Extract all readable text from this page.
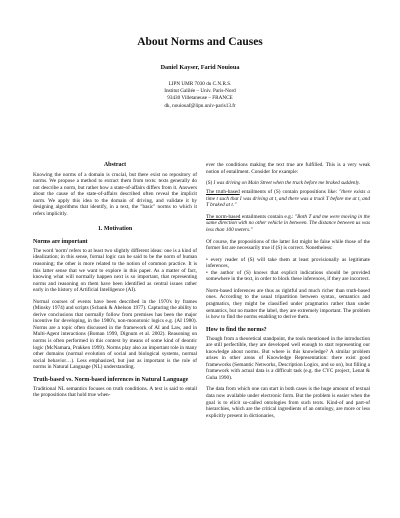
About Norms and Causes
Daniel Kayser, Farid Nouioua
LIPN UMR 7030 du C.N.R.S.
Institut Galilée – Univ. Paris-Nord
93430 Villetaneuse – FRANCE
dk, nouiouaf@lipn.univ-paris13.fr
Abstract

Knowing the norms of a domain is crucial, but there exist no repository of norms. We propose a method to extract them from texts: texts generally do not describe a norm, but rather how a state-of-affairs differs from it. Answers about the cause of the state-of-affairs described often reveal the implicit norm. We apply this idea to the domain of driving, and validate it by designing algorithms that identify, in a text, the "basic" norms to which it refers implicitly.

1. Motivation
Norms are important

The word 'norm' refers to at least two slightly different ideas: one is a kind of idealization; in this sense, formal logic can be said to be the norm of human reasoning; the other is more related to the notion of common practice. It is this latter sense that we want to explore in this paper. As a matter of fact, knowing what will normally happen next is so important, that representing norms and reasoning on them have been identified as central issues rather early in the history of Artificial Intelligence (AI).

Normal courses of events have been described in the 1970's by frames (Minsky 1974) and scripts (Schank & Abelson 1977). Capturing the ability to derive conclusions that normally follow from premises has been the major incentive for developing, in the 1980's, non-monotonic logics e.g. (AI 1980). Norms are a topic often discussed in the framework of AI and Law, and in Multi-Agent interactions (Boman 1999, Dignum et al. 2002). Reasoning on norms is often performed in this context by means of some kind of deontic logic (McNamara, Prakken 1999). Norms play also an important role in many other domains (normal evolution of social and biological systems, normal social behavior…). Less emphasized, but just as important is the role of norms in Natural Language (NL) understanding.

Truth-based vs. Norm-based inferences in Natural Language

Traditional NL semantics focuses on truth conditions. A text is said to entail the propositions that hold true when-

ever the conditions making the text true are fulfilled. This is a very weak notion of entailment. Consider for example:

(S) I was driving on Main Street when the truck before me braked suddenly.

The truth-based entailments of (S) contain propositions like: "there exists a time t such that I was driving at t, and there was a truck T before me at t, and T braked at t."

The norm-based entailments contain e.g.: "Both T and me were moving in the same direction with no other vehicle in between. The distance between us was less than 100 meters."

Of course, the propositions of the latter list might be false while those of the former list are necessarily true if (S) is correct. Nonetheless:

• every reader of (S) will take them at least provisionally as legitimate inferences,

• the author of (S) knows that explicit indications should be provided somewhere in the text, in order to block these inferences, if they are incorrect.

Norm-based inferences are thus as rightful and much richer than truth-based ones. According to the usual tripartition between syntax, semantics and pragmatics, they might be classified under pragmatics rather than under semantics, but no matter the label, they are extremely important. The problem is how to find the norms enabling to derive them.

How to find the norms?

Though from a theoretical standpoint, the tools mentioned in the introduction are still perfectible, they are developed well enough to start representing our knowledge about norms. But where is this knowledge? A similar problem arises in other areas of Knowledge Representation: there exist good frameworks (Semantic Networks, Description Logics, and so on), but filling a framework with actual data is a difficult task (e.g. the CYC project, Lenat & Guha 1990).

The data from which one can start in both cases is the huge amount of textual data now available under electronic form. But the problem is easier when the goal is to elicit so-called ontologies from such texts. Kind-of and part-of hierarchies, which are the critical ingredients of an ontology, are more or less explicitly present in dictionaries,
